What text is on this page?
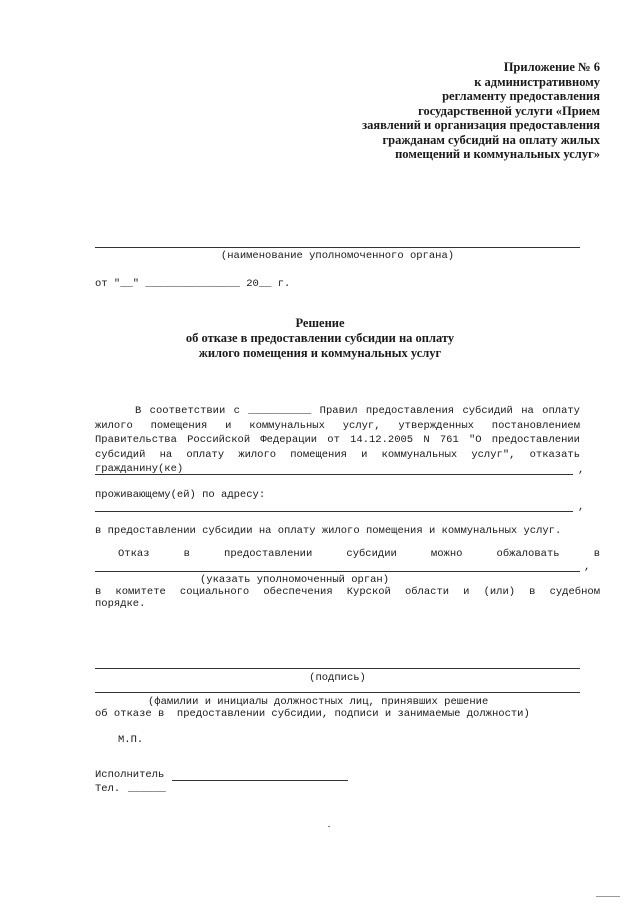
Приложение № 6
к административному
регламенту предоставления
государственной услуги «Прием
заявлений и организация предоставления
гражданам субсидий на оплату жилых
помещений и коммунальных услуг»
(наименование уполномоченного органа)
от "__" _______________ 20__ г.
Решение
об отказе в предоставлении субсидии на оплату
жилого помещения и коммунальных услуг
В соответствии с __________ Правил предоставления субсидий на оплату
жилого помещения и коммунальных услуг, утвержденных постановлением
Правительства Российской Федерации от 14.12.2005 N 761 "О предоставлении
субсидий на оплату жилого помещения и коммунальных услуг", отказать
гражданину(ке)	,
проживающему(ей) по адресу:
,
в предоставлении субсидии на оплату жилого помещения и коммунальных услуг.
Отказ в предоставлении субсидии можно обжаловать в
,
(указать уполномоченный орган)
в комитете социального обеспечения Курской области и (или) в судебном
порядке.
(подпись)
(фамилии и инициалы должностных лиц, принявших решение
об отказе в  предоставлении субсидии, подписи и занимаемые должности)
М.П.
Исполнитель
Тел. ______
